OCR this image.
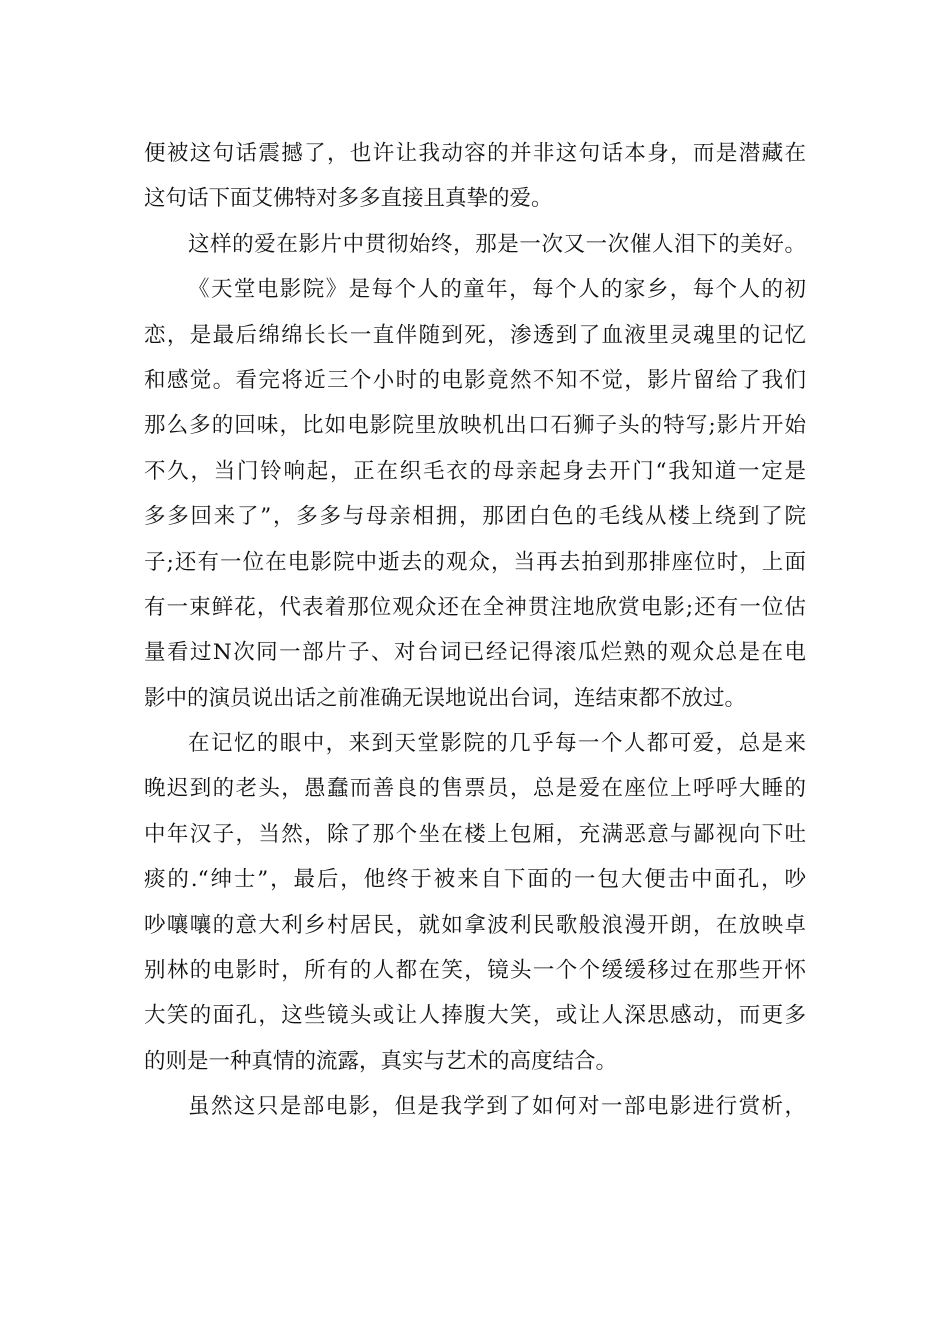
便被这句话震撼了，也许让我动容的并非这句话本身，而是潜藏在
这句话下面艾佛特对多多直接且真挚的爱。
这样的爱在影片中贯彻始终，那是一次又一次催人泪下的美好。
《天堂电影院》是每个人的童年，每个人的家乡，每个人的初
恋，是最后绵绵长长一直伴随到死，渗透到了血液里灵魂里的记忆
和感觉。看完将近三个小时的电影竟然不知不觉，影片留给了我们
那么多的回味，比如电影院里放映机出口石狮子头的特写;影片开始
不久，当门铃响起，正在织毛衣的母亲起身去开门“我知道一定是
多多回来了”，多多与母亲相拥，那团白色的毛线从楼上绕到了院
子;还有一位在电影院中逝去的观众，当再去拍到那排座位时，上面
有一束鲜花，代表着那位观众还在全神贯注地欣赏电影;还有一位估
量看过N次同一部片子、对台词已经记得滚瓜烂熟的观众总是在电
影中的演员说出话之前准确无误地说出台词，连结束都不放过。
在记忆的眼中，来到天堂影院的几乎每一个人都可爱，总是来
晚迟到的老头，愚蠢而善良的售票员，总是爱在座位上呼呼大睡的
中年汉子，当然，除了那个坐在楼上包厢，充满恶意与鄙视向下吐
痰的.“绅士”，最后，他终于被来自下面的一包大便击中面孔，吵
吵嚷嚷的意大利乡村居民，就如拿波利民歌般浪漫开朗，在放映卓
别林的电影时，所有的人都在笑，镜头一个个缓缓移过在那些开怀
大笑的面孔，这些镜头或让人捧腹大笑，或让人深思感动，而更多
的则是一种真情的流露，真实与艺术的高度结合。
虽然这只是部电影，但是我学到了如何对一部电影进行赏析，
